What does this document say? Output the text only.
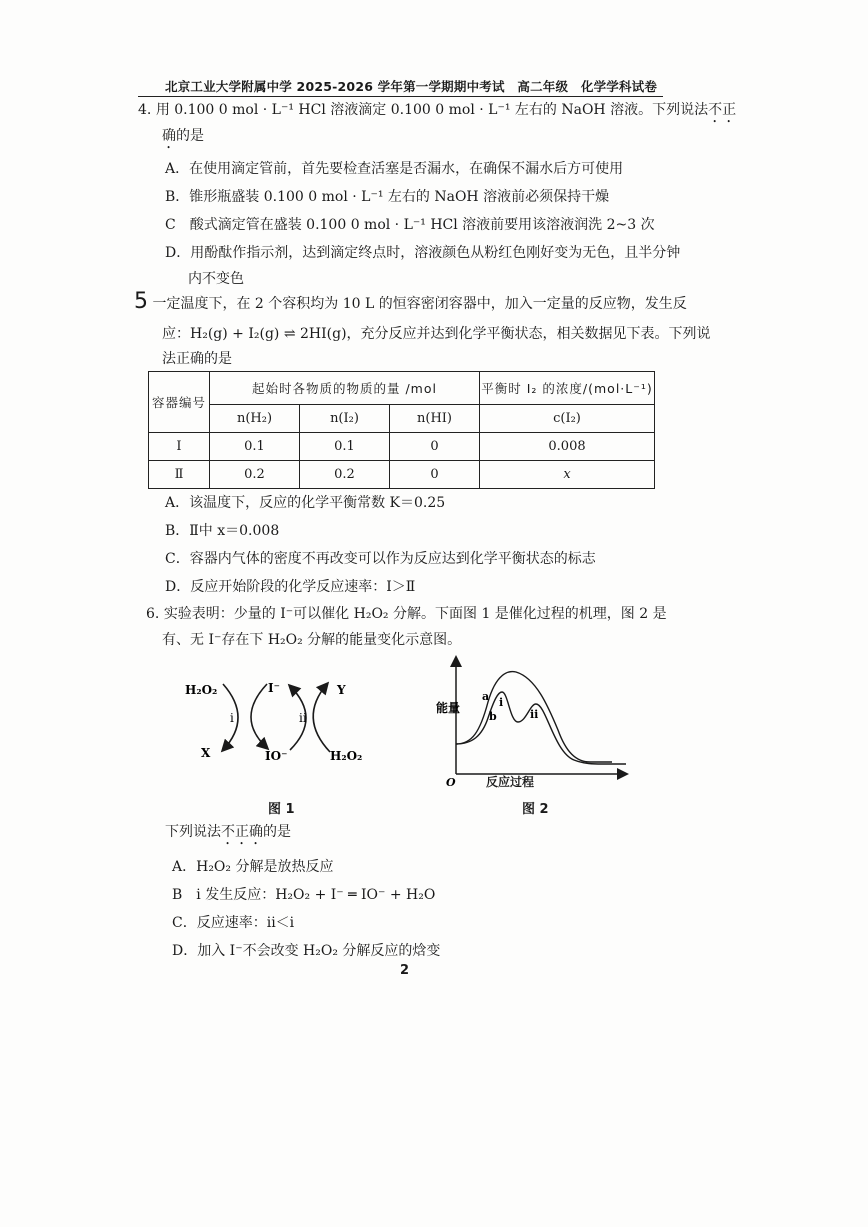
北京工业大学附属中学 2025-2026 学年第一学期期中考试　高二年级　化学学科试卷
4. 用 0.100 0 mol · L⁻¹ HCl 溶液滴定 0.100 0 mol · L⁻¹ 左右的 NaOH 溶液。下列说法不正
确的是
A．在使用滴定管前，首先要检查活塞是否漏水，在确保不漏水后方可使用
B．锥形瓶盛装 0.100 0 mol · L⁻¹ 左右的 NaOH 溶液前必须保持干燥
C　酸式滴定管在盛装 0.100 0 mol · L⁻¹ HCl 溶液前要用该溶液润洗 2~3 次
D．用酚酞作指示剂，达到滴定终点时，溶液颜色从粉红色刚好变为无色，且半分钟
内不变色
5 一定温度下，在 2 个容积均为 10 L 的恒容密闭容器中，加入一定量的反应物，发生反
应：H₂(g) + I₂(g) ⇌ 2HI(g)，充分反应并达到化学平衡状态，相关数据见下表。下列说
法正确的是
容器编号	起始时各物质的物质的量 /mol			平衡时 I₂ 的浓度/(mol·L⁻¹)
	n(H₂)	n(I₂)	n(HI)	c(I₂)
Ⅰ	0.1	0.1	0	0.008
Ⅱ	0.2	0.2	0	x
A．该温度下，反应的化学平衡常数 K＝0.25
B．Ⅱ中 x＝0.008
C．容器内气体的密度不再改变可以作为反应达到化学平衡状态的标志
D．反应开始阶段的化学反应速率：Ⅰ＞Ⅱ
6. 实验表明：少量的 I⁻可以催化 H₂O₂ 分解。下面图 1 是催化过程的机理，图 2 是
有、无 I⁻存在下 H₂O₂ 分解的能量变化示意图。
H₂O₂	I⁻	Y
X	IO⁻	H₂O₂
i	ii
图 1
能量
O
a
b
i
ii
反应过程
图 2
下列说法不正确的是
A．H₂O₂ 分解是放热反应
B　i 发生反应：H₂O₂ + I⁻ ═ IO⁻ + H₂O
C．反应速率：ii＜i
D．加入 I⁻不会改变 H₂O₂ 分解反应的焓变
2
